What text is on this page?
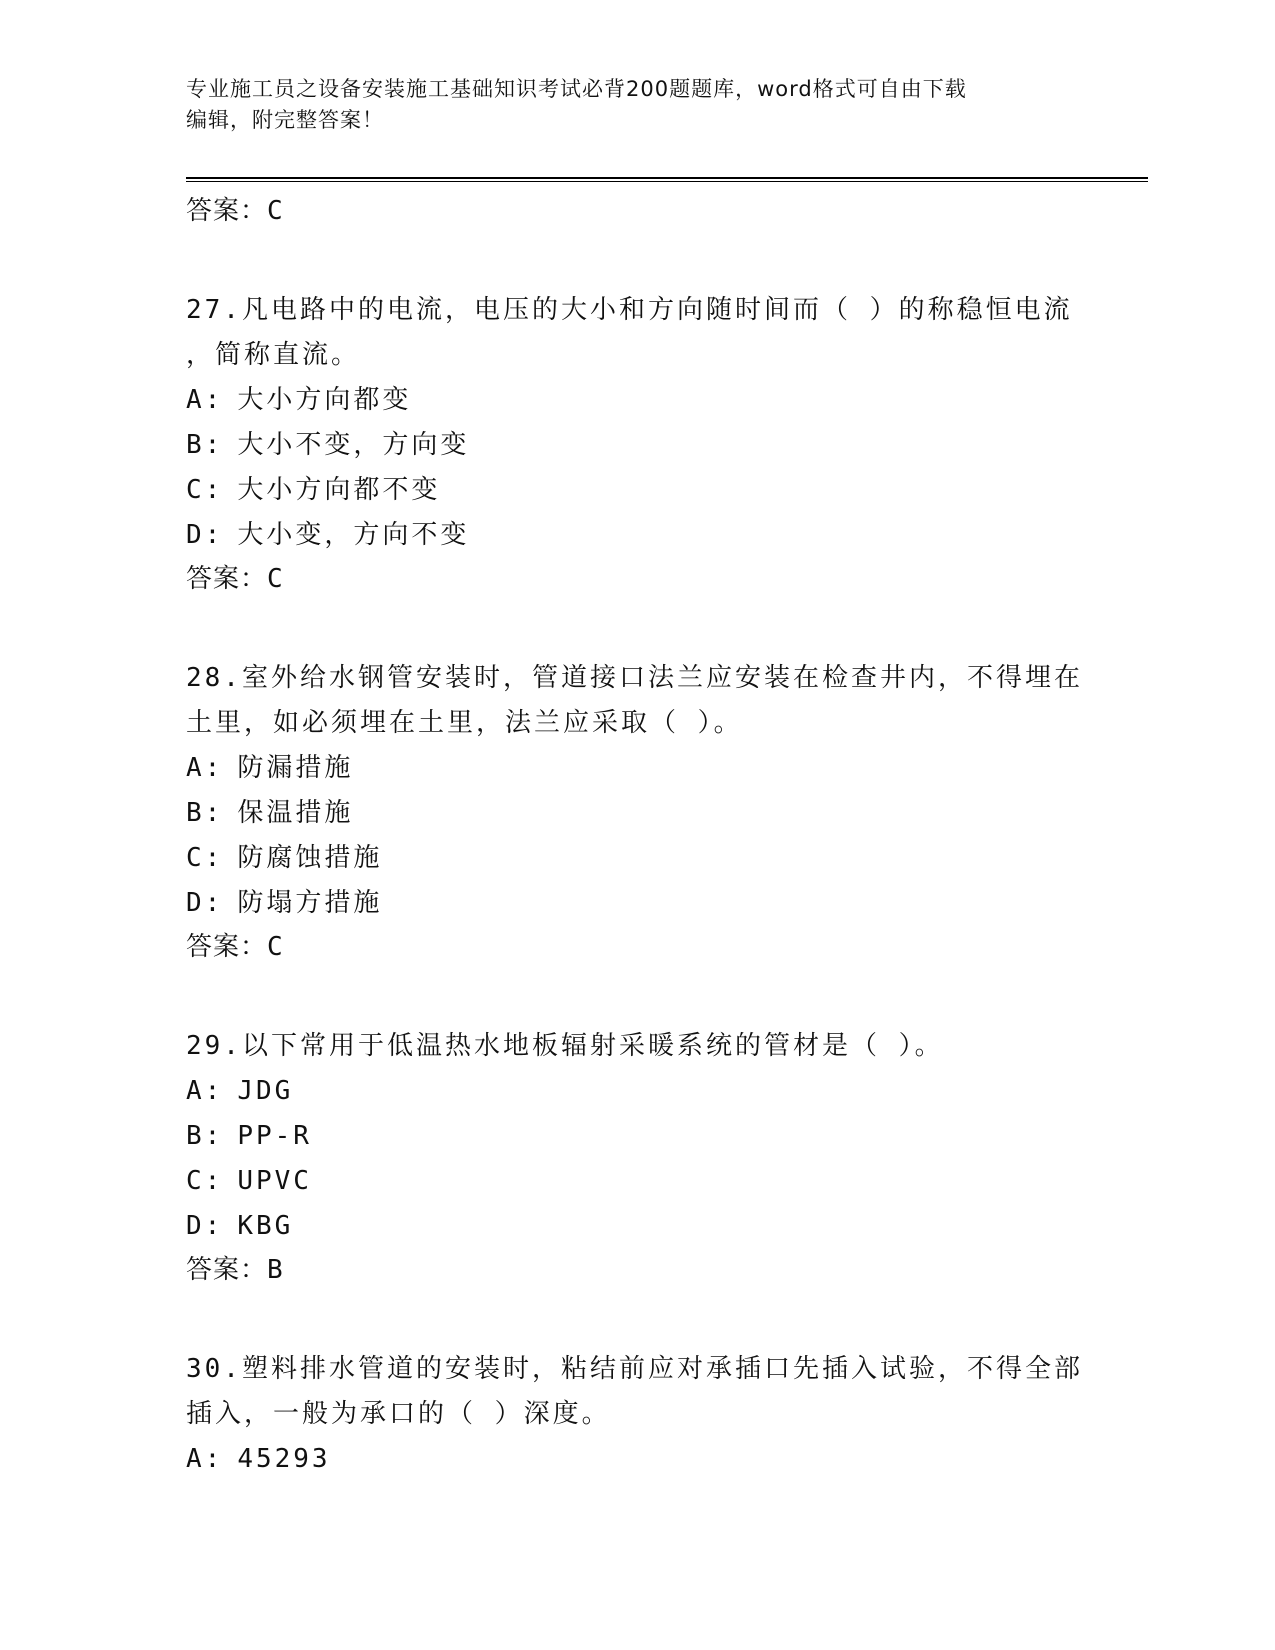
专业施工员之设备安装施工基础知识考试必背200题题库，word格式可自由下载
编辑，附完整答案！
答案：C
27.凡电路中的电流，电压的大小和方向随时间而（ ）的称稳恒电流
，简称直流。
A: 大小方向都变
B: 大小不变，方向变
C: 大小方向都不变
D: 大小变，方向不变
答案：C
28.室外给水钢管安装时，管道接口法兰应安装在检查井内，不得埋在
土里，如必须埋在土里，法兰应采取（ ）。
A: 防漏措施
B: 保温措施
C: 防腐蚀措施
D: 防塌方措施
答案：C
29.以下常用于低温热水地板辐射采暖系统的管材是（ ）。
A: JDG
B: PP-R
C: UPVC
D: KBG
答案：B
30.塑料排水管道的安装时，粘结前应对承插口先插入试验，不得全部
插入，一般为承口的（ ）深度。
A: 45293
